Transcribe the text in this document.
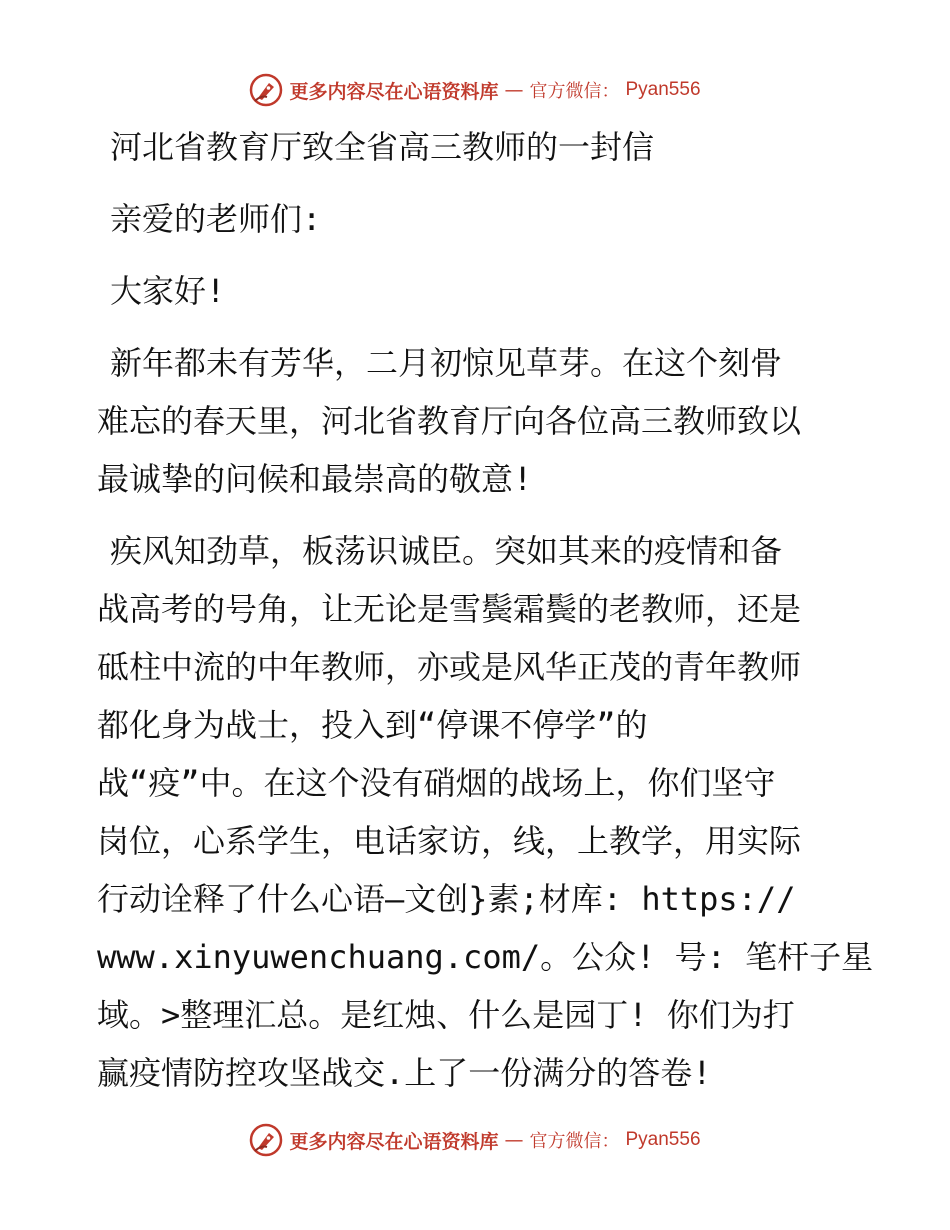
更多内容尽在心语资料库 — 官方微信： Pyan556
河北省教育厅致全省高三教师的一封信
亲爱的老师们:
大家好!
新年都未有芳华，二月初惊见草芽。在这个刻骨
难忘的春天里，河北省教育厅向各位高三教师致以
最诚挚的问候和最崇高的敬意!
疾风知劲草，板荡识诚臣。突如其来的疫情和备
战高考的号角，让无论是雪鬓霜鬓的老教师，还是
砥柱中流的中年教师，亦或是风华正茂的青年教师
都化身为战士，投入到“停课不停学”的
战“疫”中。在这个没有硝烟的战场上，你们坚守
岗位，心系学生，电话家访，线，上教学，用实际
行动诠释了什么心语—文创}素;材库: https://
www.xinyuwenchuang.com/。公众! 号: 笔杆子星
域。>整理汇总。是红烛、什么是园丁! 你们为打
赢疫情防控攻坚战交.上了一份满分的答卷!
更多内容尽在心语资料库 — 官方微信： Pyan556
